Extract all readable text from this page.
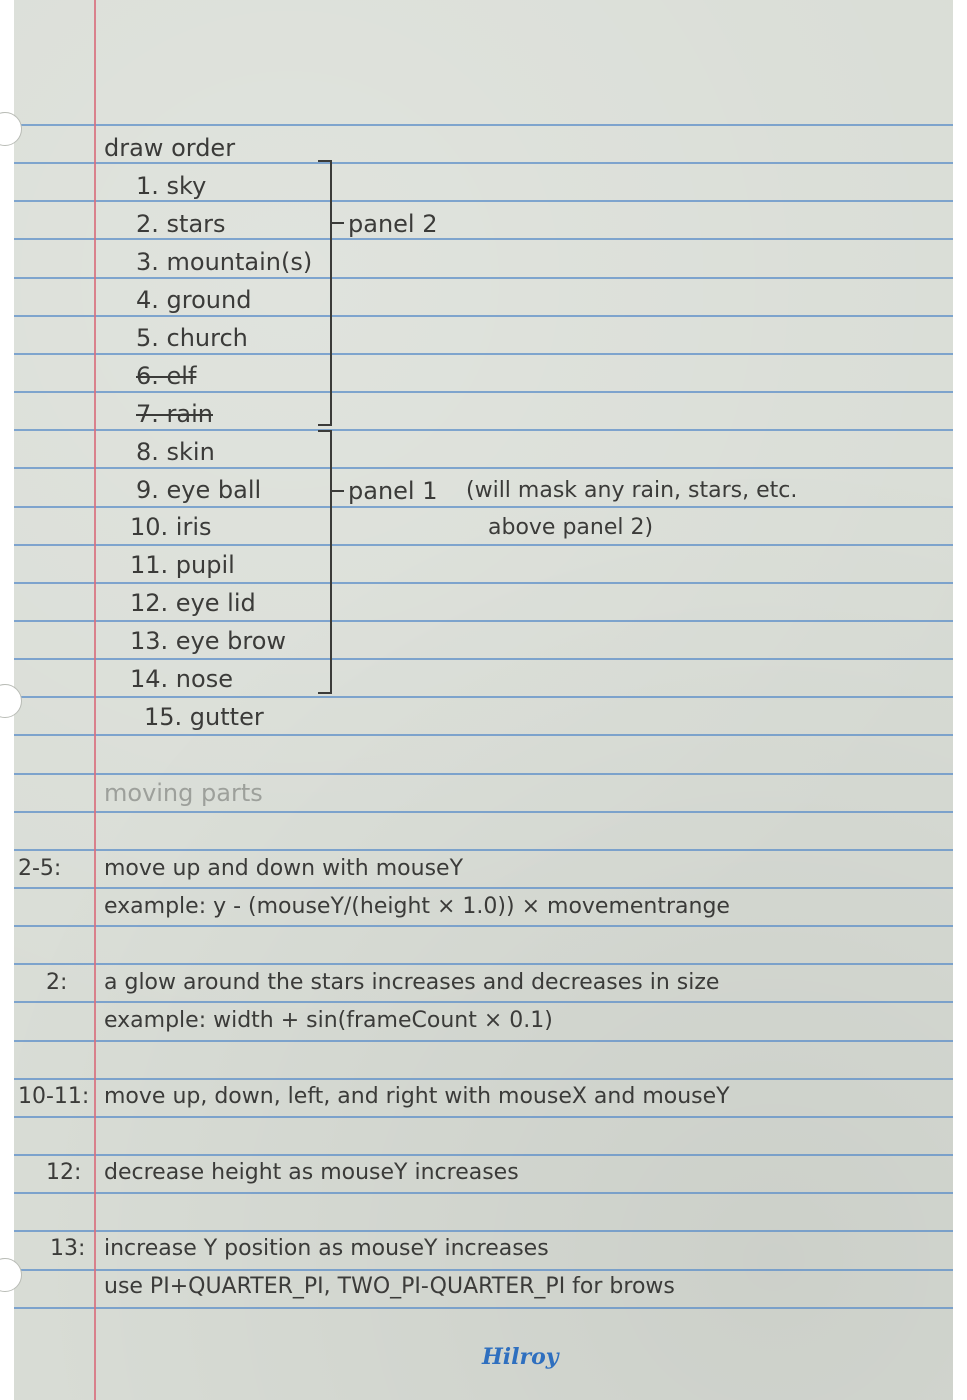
draw order
1. sky
2. stars
3. mountain(s)
4. ground
5. church
6. elf
7. rain
8. skin
9. eye ball
10. iris
11. pupil
12. eye lid
13. eye brow
14. nose
15. gutter
panel 2
panel 1 (will mask any rain, stars, etc.
above panel 2)
moving parts
2-5: move up and down with mouseY
example: y - (mouseY/(height × 1.0)) × movementrange
2: a glow around the stars increases and decreases in size
example: width + sin(frameCount × 0.1)
10-11: move up, down, left, and right with mouseX and mouseY
12: decrease height as mouseY increases
13: increase Y position as mouseY increases
use PI+QUARTER_PI, TWO_PI-QUARTER_PI for brows
Hilroy
